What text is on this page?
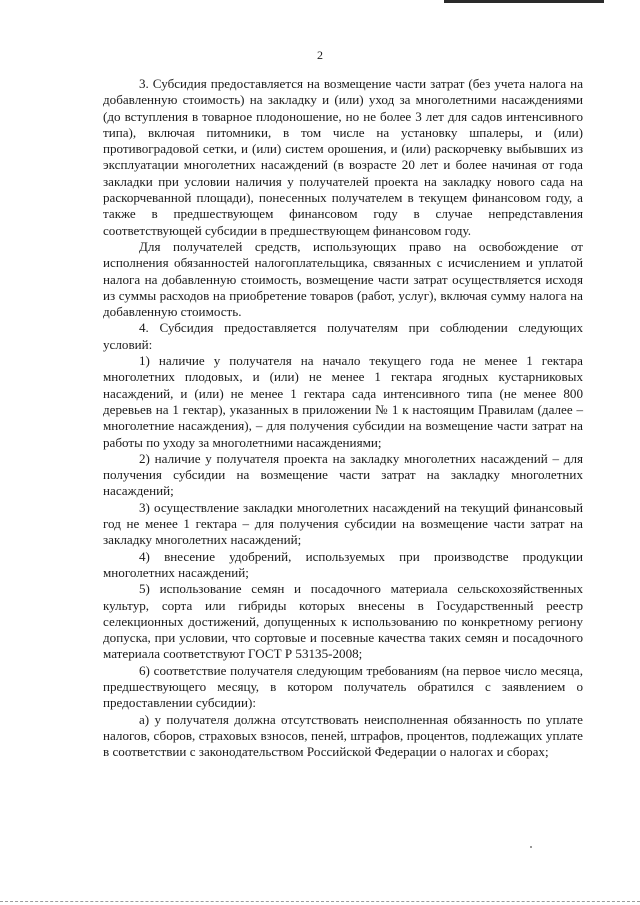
2

3. Субсидия предоставляется на возмещение части затрат (без учета налога на добавленную стоимость) на закладку и (или) уход за многолетними насаждениями (до вступления в товарное плодоношение, но не более 3 лет для садов интенсивного типа), включая питомники, в том числе на установку шпалеры, и (или) противоградовой сетки, и (или) систем орошения, и (или) раскорчевку выбывших из эксплуатации многолетних насаждений (в возрасте 20 лет и более начиная от года закладки при условии наличия у получателей проекта на закладку нового сада на раскорчеванной площади), понесенных получателем в текущем финансовом году, а также в предшествующем финансовом году в случае непредставления соответствующей субсидии в предшествующем финансовом году.

Для получателей средств, использующих право на освобождение от исполнения обязанностей налогоплательщика, связанных с исчислением и уплатой налога на добавленную стоимость, возмещение части затрат осуществляется исходя из суммы расходов на приобретение товаров (работ, услуг), включая сумму налога на добавленную стоимость.

4. Субсидия предоставляется получателям при соблюдении следующих условий:

1) наличие у получателя на начало текущего года не менее 1 гектара многолетних плодовых, и (или) не менее 1 гектара ягодных кустарниковых насаждений, и (или) не менее 1 гектара сада интенсивного типа (не менее 800 деревьев на 1 гектар), указанных в приложении № 1 к настоящим Правилам (далее – многолетние насаждения), – для получения субсидии на возмещение части затрат на работы по уходу за многолетними насаждениями;

2) наличие у получателя проекта на закладку многолетних насаждений – для получения субсидии на возмещение части затрат на закладку многолетних насаждений;

3) осуществление закладки многолетних насаждений на текущий финансовый год не менее 1 гектара – для получения субсидии на возмещение части затрат на закладку многолетних насаждений;

4) внесение удобрений, используемых при производстве продукции многолетних насаждений;

5) использование семян и посадочного материала сельскохозяйственных культур, сорта или гибриды которых внесены в Государственный реестр селекционных достижений, допущенных к использованию по конкретному региону допуска, при условии, что сортовые и посевные качества таких семян и посадочного материала соответствуют ГОСТ Р 53135-2008;

6) соответствие получателя следующим требованиям (на первое число месяца, предшествующего месяцу, в котором получатель обратился с заявлением о предоставлении субсидии):

а) у получателя должна отсутствовать неисполненная обязанность по уплате налогов, сборов, страховых взносов, пеней, штрафов, процентов, подлежащих уплате в соответствии с законодательством Российской Федерации о налогах и сборах;
